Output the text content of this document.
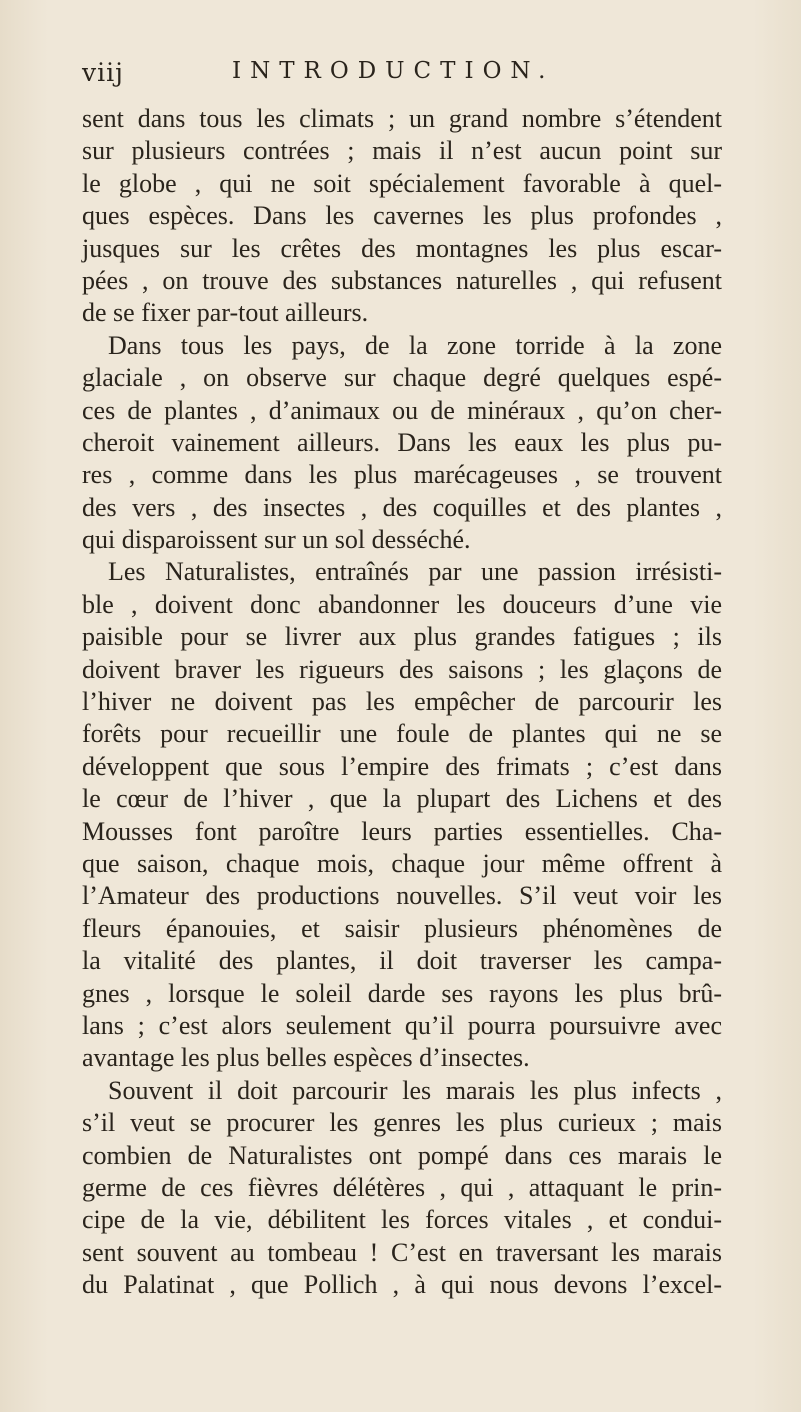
viij	INTRODUCTION.
sent dans tous les climats ; un grand nombre s’étendent
sur plusieurs contrées ; mais il n’est aucun point sur
le globe , qui ne soit spécialement favorable à quel-
ques espèces. Dans les cavernes les plus profondes ,
jusques sur les crêtes des montagnes les plus escar-
pées , on trouve des substances naturelles , qui refusent
de se fixer par-tout ailleurs.
Dans tous les pays, de la zone torride à la zone
glaciale , on observe sur chaque degré quelques espé-
ces de plantes , d’animaux ou de minéraux , qu’on cher-
cheroit vainement ailleurs. Dans les eaux les plus pu-
res , comme dans les plus marécageuses , se trouvent
des vers , des insectes , des coquilles et des plantes ,
qui disparoissent sur un sol desséché.
Les Naturalistes, entraînés par une passion irrésisti-
ble , doivent donc abandonner les douceurs d’une vie
paisible pour se livrer aux plus grandes fatigues ; ils
doivent braver les rigueurs des saisons ; les glaçons de
l’hiver ne doivent pas les empêcher de parcourir les
forêts pour recueillir une foule de plantes qui ne se
développent que sous l’empire des frimats ; c’est dans
le cœur de l’hiver , que la plupart des Lichens et des
Mousses font paroître leurs parties essentielles. Cha-
que saison, chaque mois, chaque jour même offrent à
l’Amateur des productions nouvelles. S’il veut voir les
fleurs épanouies, et saisir plusieurs phénomènes de
la vitalité des plantes, il doit traverser les campa-
gnes , lorsque le soleil darde ses rayons les plus brû-
lans ; c’est alors seulement qu’il pourra poursuivre avec
avantage les plus belles espèces d’insectes.
Souvent il doit parcourir les marais les plus infects ,
s’il veut se procurer les genres les plus curieux ; mais
combien de Naturalistes ont pompé dans ces marais le
germe de ces fièvres délétères , qui , attaquant le prin-
cipe de la vie, débilitent les forces vitales , et condui-
sent souvent au tombeau ! C’est en traversant les marais
du Palatinat , que Pollich , à qui nous devons l’excel-
